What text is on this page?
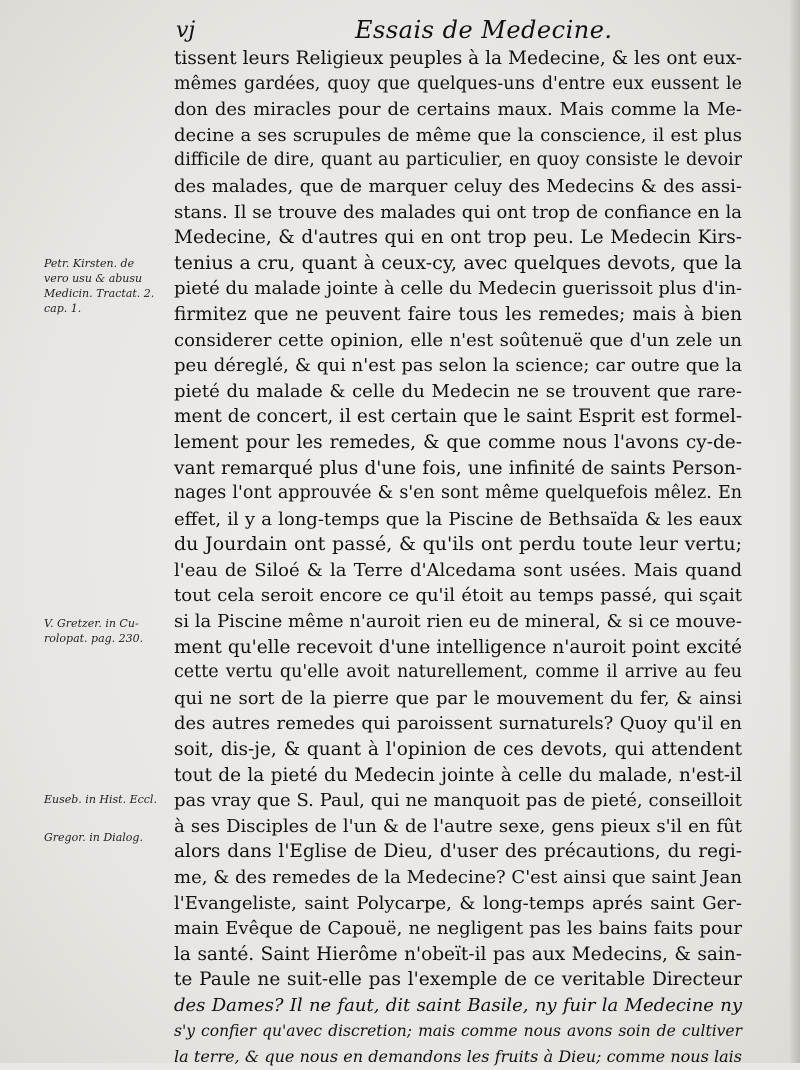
vj	Essais de Medecine.
tissent leurs Religieux peuples à la Medecine, & les ont eux-
mêmes gardées, quoy que quelques-uns d'entre eux eussent le
don des miracles pour de certains maux. Mais comme la Me-
decine a ses scrupules de même que la conscience, il est plus
difficile de dire, quant au particulier, en quoy consiste le devoir
des malades, que de marquer celuy des Medecins & des assi-
stans. Il se trouve des malades qui ont trop de confiance en la
Medecine, & d'autres qui en ont trop peu. Le Medecin Kirs-
tenius a cru, quant à ceux-cy, avec quelques devots, que la
pieté du malade jointe à celle du Medecin guerissoit plus d'in-
firmitez que ne peuvent faire tous les remedes; mais à bien
considerer cette opinion, elle n'est soûtenuë que d'un zele un
peu déreglé, & qui n'est pas selon la science; car outre que la
pieté du malade & celle du Medecin ne se trouvent que rare-
ment de concert, il est certain que le saint Esprit est formel-
lement pour les remedes, & que comme nous l'avons cy-de-
vant remarqué plus d'une fois, une infinité de saints Person-
nages l'ont approuvée & s'en sont même quelquefois mêlez. En
effet, il y a long-temps que la Piscine de Bethsaïda & les eaux
du Jourdain ont passé, & qu'ils ont perdu toute leur vertu;
l'eau de Siloé & la Terre d'Alcedama sont usées. Mais quand
tout cela seroit encore ce qu'il étoit au temps passé, qui sçait
si la Piscine même n'auroit rien eu de mineral, & si ce mouve-
ment qu'elle recevoit d'une intelligence n'auroit point excité
cette vertu qu'elle avoit naturellement, comme il arrive au feu
qui ne sort de la pierre que par le mouvement du fer, & ainsi
des autres remedes qui paroissent surnaturels? Quoy qu'il en
soit, dis-je, & quant à l'opinion de ces devots, qui attendent
tout de la pieté du Medecin jointe à celle du malade, n'est-il
pas vray que S. Paul, qui ne manquoit pas de pieté, conseilloit
à ses Disciples de l'un & de l'autre sexe, gens pieux s'il en fût
alors dans l'Eglise de Dieu, d'user des précautions, du regi-
me, & des remedes de la Medecine? C'est ainsi que saint Jean
l'Evangeliste, saint Polycarpe, & long-temps aprés saint Ger-
main Evêque de Capouë, ne negligent pas les bains faits pour
la santé. Saint Hierôme n'obeït-il pas aux Medecins, & sain-
te Paule ne suit-elle pas l'exemple de ce veritable Directeur
des Dames? Il ne faut, dit saint Basile, ny fuir la Medecine ny
s'y confier qu'avec discretion; mais comme nous avons soin de cultiver
la terre, & que nous en demandons les fruits à Dieu; comme nous lais
Petr. Kirsten. de
vero usu & abusu
Medicin. Tractat. 2.
cap. 1.
V. Gretzer. in Cu-
rolopat. pag. 230.
Euseb. in Hist. Eccl.
Gregor. in Dialog.
